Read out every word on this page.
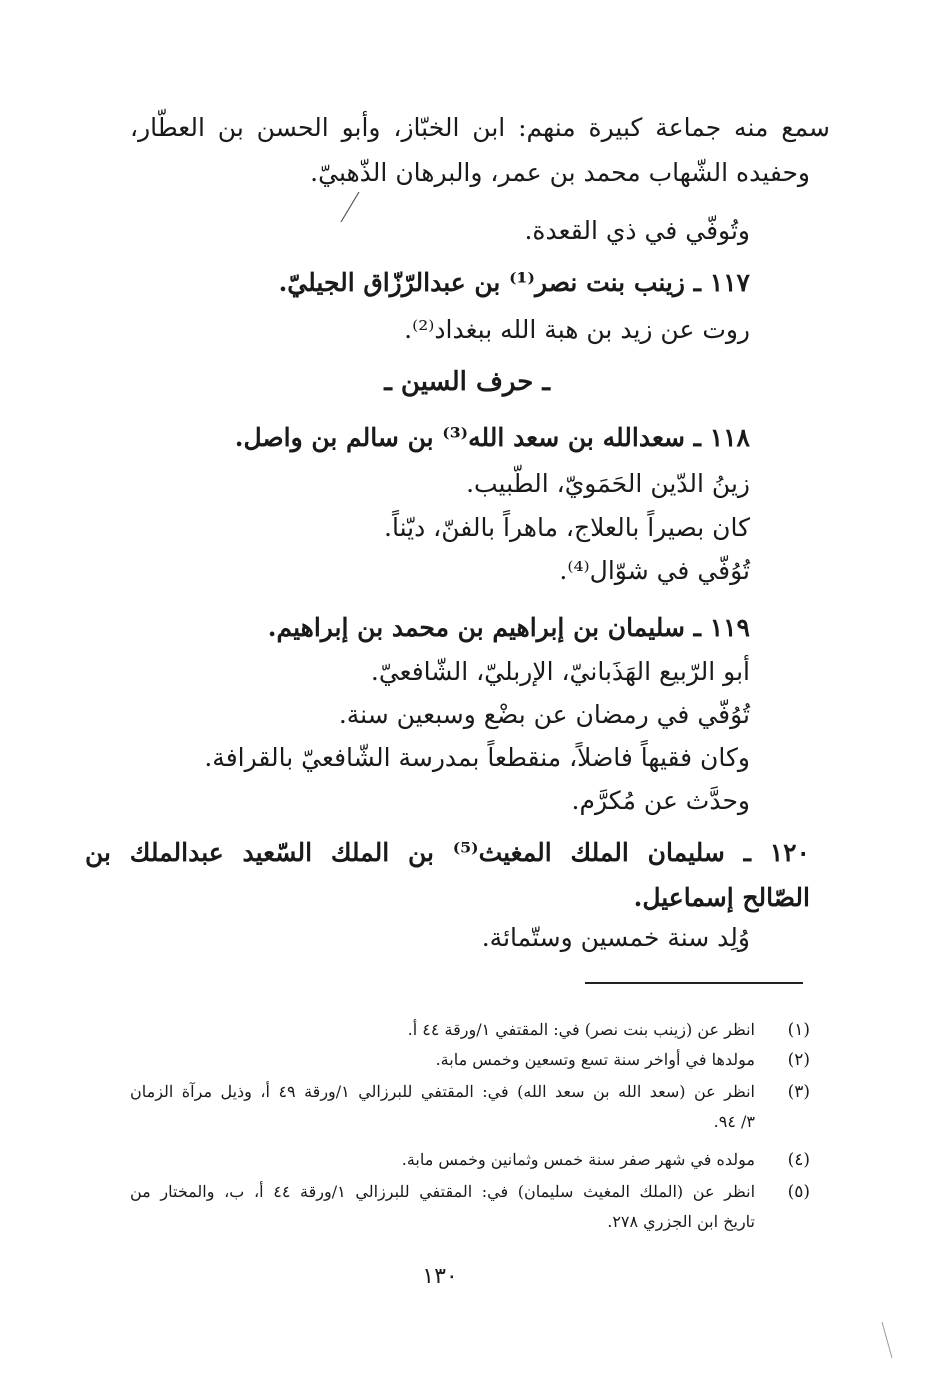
سمع منه جماعة كبيرة منهم: ابن الخبّاز، وأبو الحسن بن العطّار،
وحفيده الشّهاب محمد بن عمر، والبرهان الذّهبيّ.
وتُوفّي في ذي القعدة.
١١٧ ـ زينب بنت نصر⁽¹⁾ بن عبدالرّزّاق الجيليّ.
روت عن زيد بن هبة الله ببغداد⁽²⁾.
ـ حرف السين ـ
١١٨ ـ سعدالله بن سعد الله⁽³⁾ بن سالم بن واصل.
زينُ الدّين الحَمَويّ، الطّبيب.
كان بصيراً بالعلاج، ماهراً بالفنّ، ديّناً.
تُوُفّي في شوّال⁽⁴⁾.
١١٩ ـ سليمان بن إبراهيم بن محمد بن إبراهيم.
أبو الرّبيع الهَذَبانيّ، الإربليّ، الشّافعيّ.
تُوُفّي في رمضان عن بضْع وسبعين سنة.
وكان فقيهاً فاضلاً، منقطعاً بمدرسة الشّافعيّ بالقرافة.
وحدَّث عن مُكرَّم.
١٢٠ ـ سليمان الملك المغيث⁽⁵⁾ بن الملك السّعيد عبدالملك بن
الصّالح إسماعيل.
وُلِد سنة خمسين وستّمائة.
(١)
انظر عن (زينب بنت نصر) في: المقتفي ١/ورقة ٤٤ أ.
(٢)
مولدها في أواخر سنة تسع وتسعين وخمس مابة.
(٣)
انظر عن (سعد الله بن سعد الله) في: المقتفي للبرزالي ١/ورقة ٤٩ أ، وذيل مرآة الزمان
٣/ ٩٤.
(٤)
مولده في شهر صفر سنة خمس وثمانين وخمس مابة.
(٥)
انظر عن (الملك المغيث سليمان) في: المقتفي للبرزالي ١/ورقة ٤٤ أ، ب، والمختار من
تاريخ ابن الجزري ٢٧٨.
١٣٠
